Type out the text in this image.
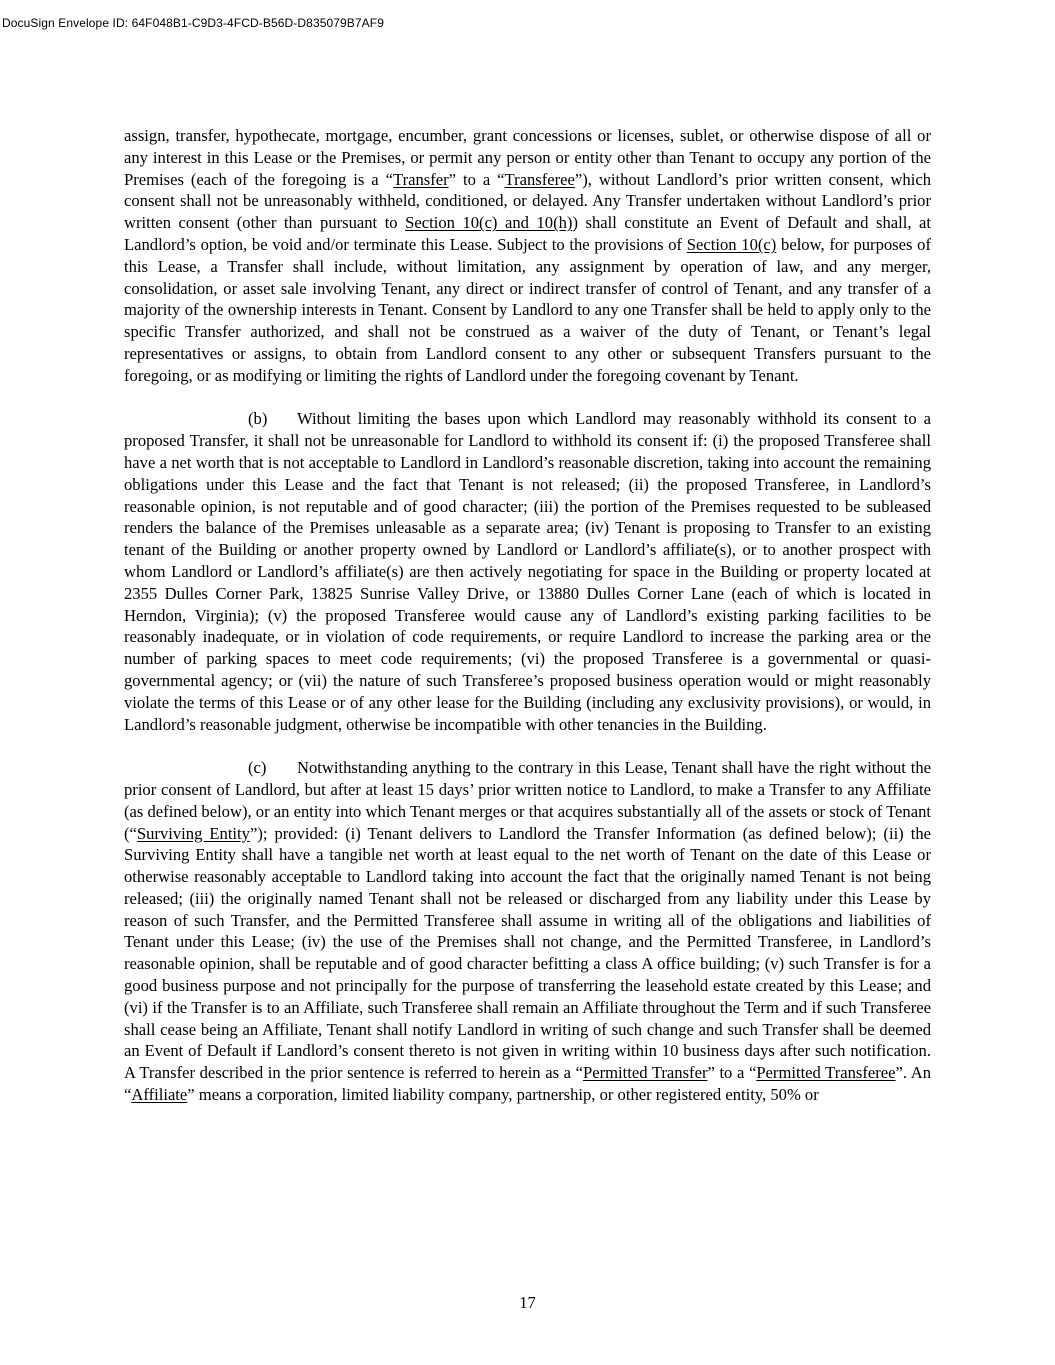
DocuSign Envelope ID: 64F048B1-C9D3-4FCD-B56D-D835079B7AF9

assign, transfer, hypothecate, mortgage, encumber, grant concessions or licenses, sublet, or otherwise dispose of all or any interest in this Lease or the Premises, or permit any person or entity other than Tenant to occupy any portion of the Premises (each of the foregoing is a “Transfer” to a “Transferee”), without Landlord’s prior written consent, which consent shall not be unreasonably withheld, conditioned, or delayed. Any Transfer undertaken without Landlord’s prior written consent (other than pursuant to Section 10(c) and 10(h)) shall constitute an Event of Default and shall, at Landlord’s option, be void and/or terminate this Lease. Subject to the provisions of Section 10(c) below, for purposes of this Lease, a Transfer shall include, without limitation, any assignment by operation of law, and any merger, consolidation, or asset sale involving Tenant, any direct or indirect transfer of control of Tenant, and any transfer of a majority of the ownership interests in Tenant. Consent by Landlord to any one Transfer shall be held to apply only to the specific Transfer authorized, and shall not be construed as a waiver of the duty of Tenant, or Tenant’s legal representatives or assigns, to obtain from Landlord consent to any other or subsequent Transfers pursuant to the foregoing, or as modifying or limiting the rights of Landlord under the foregoing covenant by Tenant.

(b) Without limiting the bases upon which Landlord may reasonably withhold its consent to a proposed Transfer, it shall not be unreasonable for Landlord to withhold its consent if: (i) the proposed Transferee shall have a net worth that is not acceptable to Landlord in Landlord’s reasonable discretion, taking into account the remaining obligations under this Lease and the fact that Tenant is not released; (ii) the proposed Transferee, in Landlord’s reasonable opinion, is not reputable and of good character; (iii) the portion of the Premises requested to be subleased renders the balance of the Premises unleasable as a separate area; (iv) Tenant is proposing to Transfer to an existing tenant of the Building or another property owned by Landlord or Landlord’s affiliate(s), or to another prospect with whom Landlord or Landlord’s affiliate(s) are then actively negotiating for space in the Building or property located at 2355 Dulles Corner Park, 13825 Sunrise Valley Drive, or 13880 Dulles Corner Lane (each of which is located in Herndon, Virginia); (v) the proposed Transferee would cause any of Landlord’s existing parking facilities to be reasonably inadequate, or in violation of code requirements, or require Landlord to increase the parking area or the number of parking spaces to meet code requirements; (vi) the proposed Transferee is a governmental or quasi-governmental agency; or (vii) the nature of such Transferee’s proposed business operation would or might reasonably violate the terms of this Lease or of any other lease for the Building (including any exclusivity provisions), or would, in Landlord’s reasonable judgment, otherwise be incompatible with other tenancies in the Building.

(c) Notwithstanding anything to the contrary in this Lease, Tenant shall have the right without the prior consent of Landlord, but after at least 15 days’ prior written notice to Landlord, to make a Transfer to any Affiliate (as defined below), or an entity into which Tenant merges or that acquires substantially all of the assets or stock of Tenant (“Surviving Entity”); provided: (i) Tenant delivers to Landlord the Transfer Information (as defined below); (ii) the Surviving Entity shall have a tangible net worth at least equal to the net worth of Tenant on the date of this Lease or otherwise reasonably acceptable to Landlord taking into account the fact that the originally named Tenant is not being released; (iii) the originally named Tenant shall not be released or discharged from any liability under this Lease by reason of such Transfer, and the Permitted Transferee shall assume in writing all of the obligations and liabilities of Tenant under this Lease; (iv) the use of the Premises shall not change, and the Permitted Transferee, in Landlord’s reasonable opinion, shall be reputable and of good character befitting a class A office building; (v) such Transfer is for a good business purpose and not principally for the purpose of transferring the leasehold estate created by this Lease; and (vi) if the Transfer is to an Affiliate, such Transferee shall remain an Affiliate throughout the Term and if such Transferee shall cease being an Affiliate, Tenant shall notify Landlord in writing of such change and such Transfer shall be deemed an Event of Default if Landlord’s consent thereto is not given in writing within 10 business days after such notification. A Transfer described in the prior sentence is referred to herein as a “Permitted Transfer” to a “Permitted Transferee”. An “Affiliate” means a corporation, limited liability company, partnership, or other registered entity, 50% or

17
